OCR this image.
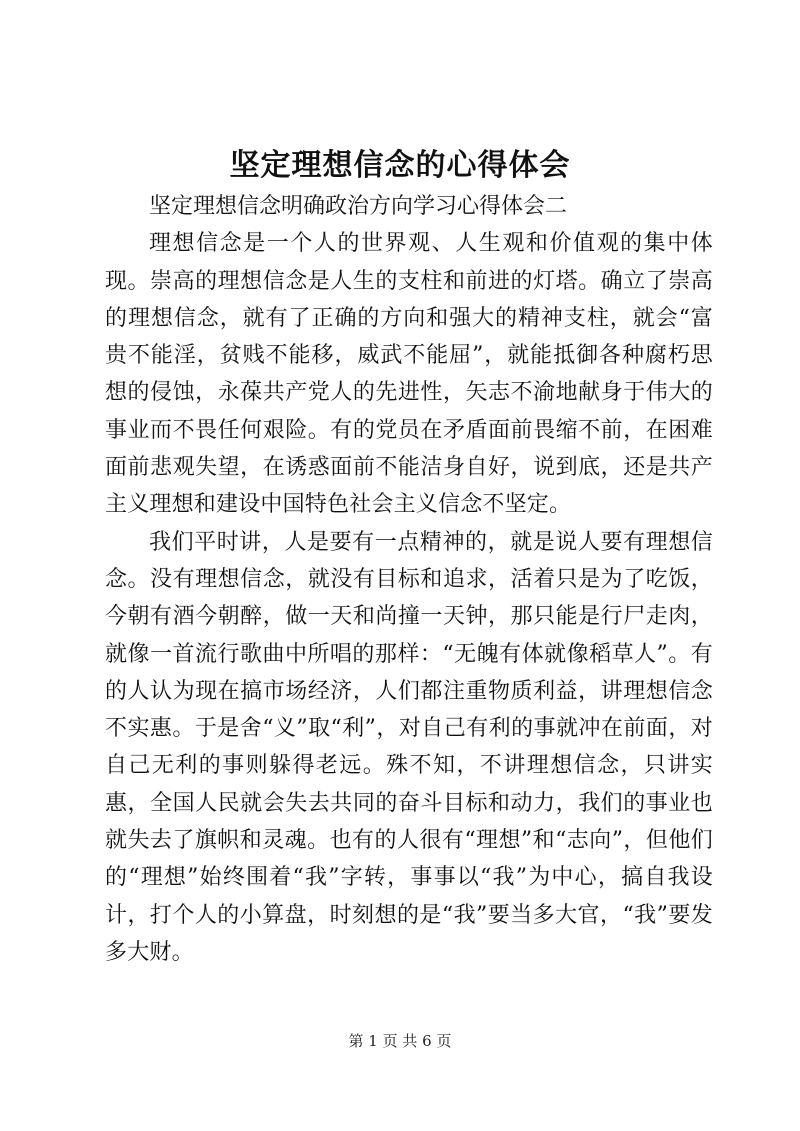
坚定理想信念的心得体会

坚定理想信念明确政治方向学习心得体会二

理想信念是一个人的世界观、人生观和价值观的集中体现。崇高的理想信念是人生的支柱和前进的灯塔。确立了崇高的理想信念，就有了正确的方向和强大的精神支柱，就会“富贵不能淫，贫贱不能移，威武不能屈”，就能抵御各种腐朽思想的侵蚀，永葆共产党人的先进性，矢志不渝地献身于伟大的事业而不畏任何艰险。有的党员在矛盾面前畏缩不前，在困难面前悲观失望，在诱惑面前不能洁身自好，说到底，还是共产主义理想和建设中国特色社会主义信念不坚定。

我们平时讲，人是要有一点精神的，就是说人要有理想信念。没有理想信念，就没有目标和追求，活着只是为了吃饭，今朝有酒今朝醉，做一天和尚撞一天钟，那只能是行尸走肉，就像一首流行歌曲中所唱的那样：“无魄有体就像稻草人”。有的人认为现在搞市场经济，人们都注重物质利益，讲理想信念不实惠。于是舍“义”取“利”，对自己有利的事就冲在前面，对自己无利的事则躲得老远。殊不知，不讲理想信念，只讲实惠，全国人民就会失去共同的奋斗目标和动力，我们的事业也就失去了旗帜和灵魂。也有的人很有“理想”和“志向”，但他们的“理想”始终围着“我”字转，事事以“我”为中心，搞自我设计，打个人的小算盘，时刻想的是“我”要当多大官，“我”要发多大财。

第 1 页 共 6 页
